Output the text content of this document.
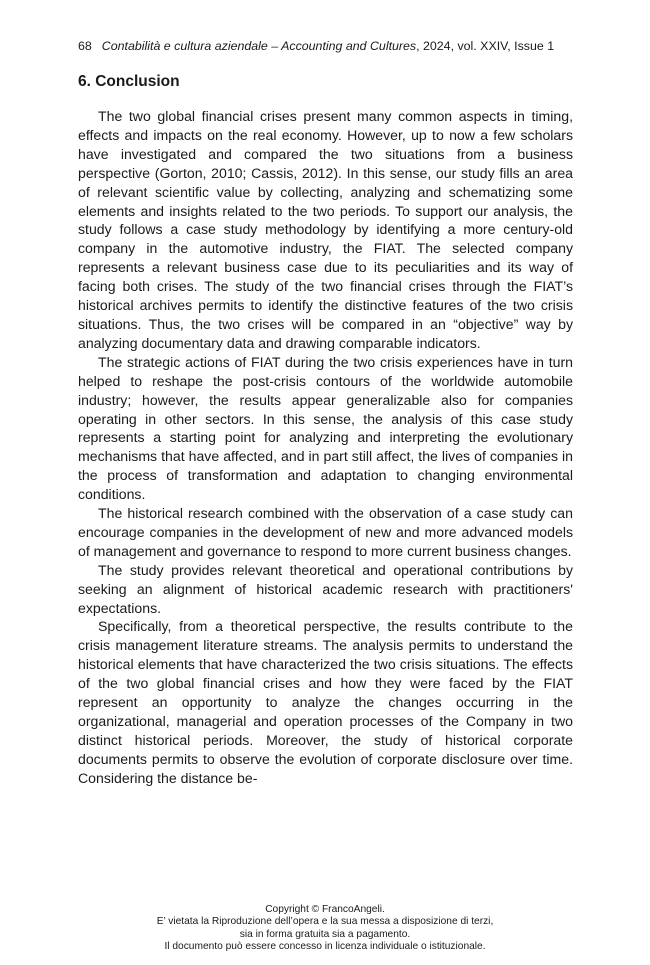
68 Contabilità e cultura aziendale – Accounting and Cultures, 2024, vol. XXIV, Issue 1
6. Conclusion

The two global financial crises present many common aspects in timing, effects and impacts on the real economy. However, up to now a few scholars have investigated and compared the two situations from a business perspective (Gorton, 2010; Cassis, 2012). In this sense, our study fills an area of relevant scientific value by collecting, analyzing and schematizing some elements and insights related to the two periods. To support our analysis, the study follows a case study methodology by identifying a more century-old company in the automotive industry, the FIAT. The selected company represents a relevant business case due to its peculiarities and its way of facing both crises. The study of the two financial crises through the FIAT’s historical archives permits to identify the distinctive features of the two crisis situations. Thus, the two crises will be compared in an “objective” way by analyzing documentary data and drawing comparable indicators.

The strategic actions of FIAT during the two crisis experiences have in turn helped to reshape the post-crisis contours of the worldwide automobile industry; however, the results appear generalizable also for companies operating in other sectors. In this sense, the analysis of this case study represents a starting point for analyzing and interpreting the evolutionary mechanisms that have affected, and in part still affect, the lives of companies in the process of transformation and adaptation to changing environmental conditions.

The historical research combined with the observation of a case study can encourage companies in the development of new and more advanced models of management and governance to respond to more current business changes.

The study provides relevant theoretical and operational contributions by seeking an alignment of historical academic research with practitioners' expectations.

Specifically, from a theoretical perspective, the results contribute to the crisis management literature streams. The analysis permits to understand the historical elements that have characterized the two crisis situations. The effects of the two global financial crises and how they were faced by the FIAT represent an opportunity to analyze the changes occurring in the organizational, managerial and operation processes of the Company in two distinct historical periods. Moreover, the study of historical corporate documents permits to observe the evolution of corporate disclosure over time. Considering the distance be-

Copyright © FrancoAngeli.
E’ vietata la Riproduzione dell’opera e la sua messa a disposizione di terzi,
sia in forma gratuita sia a pagamento.
Il documento può essere concesso in licenza individuale o istituzionale.
